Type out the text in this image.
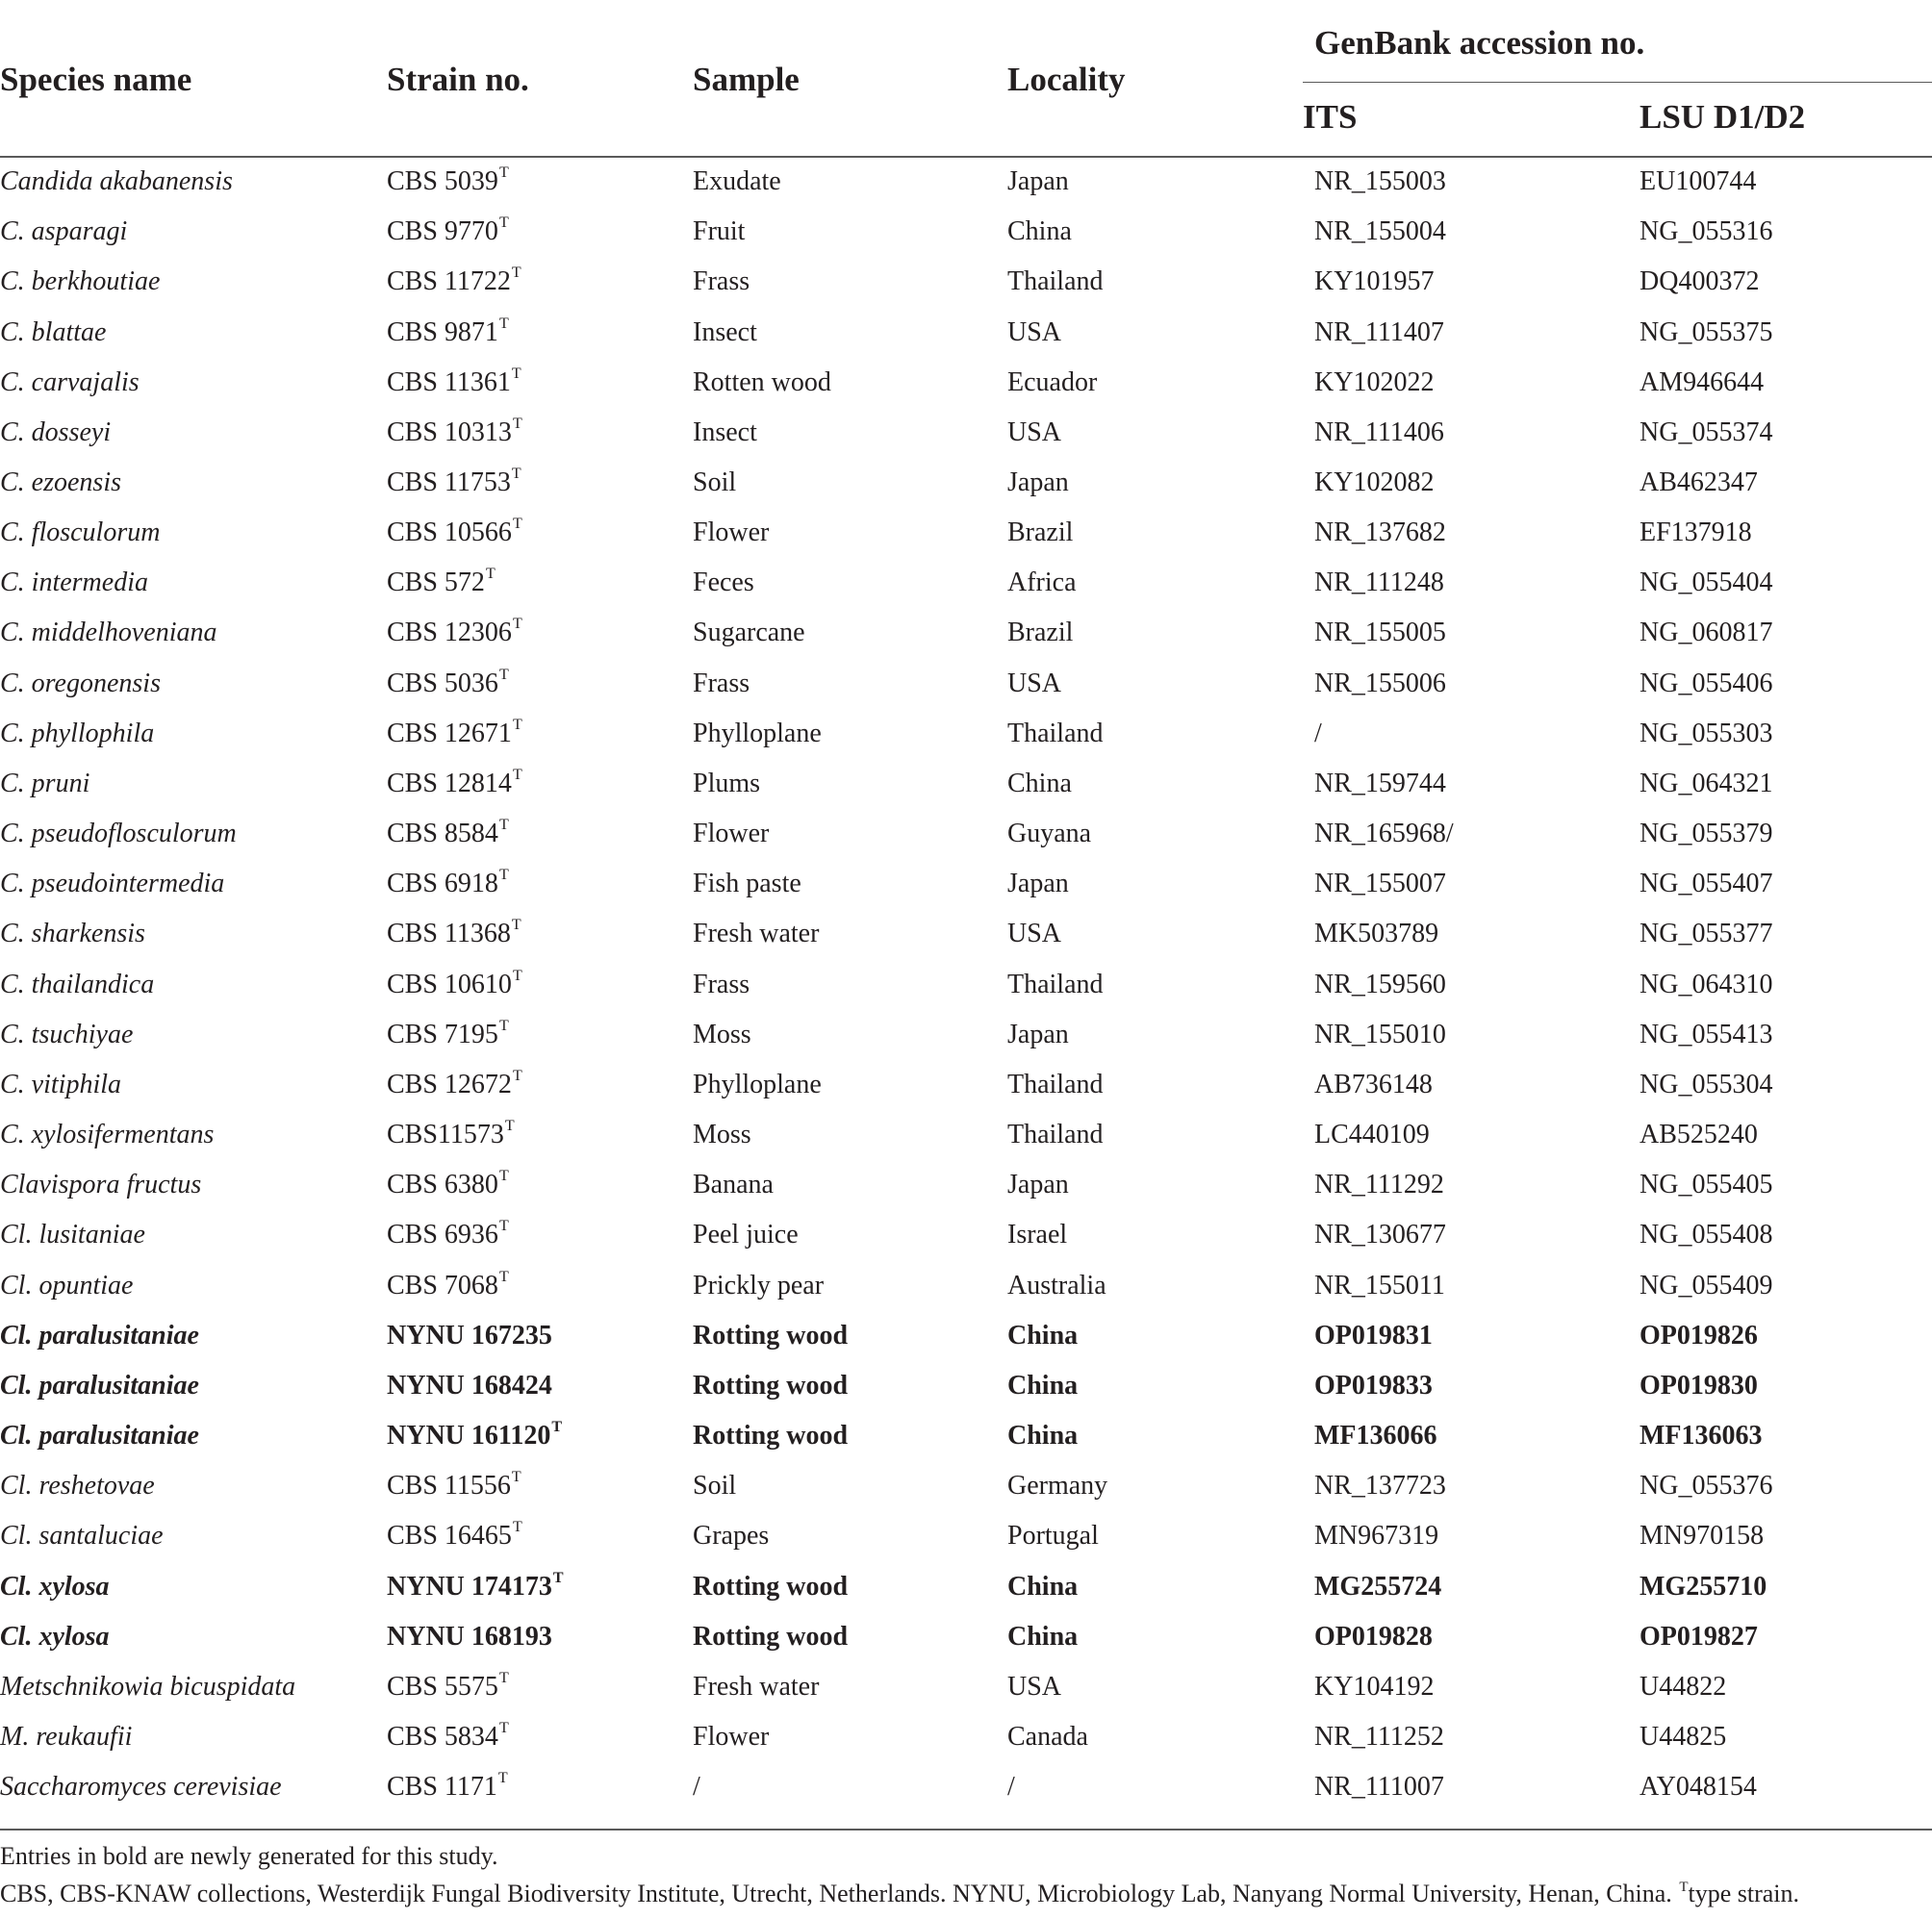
Species name	Strain no.	Sample	Locality
GenBank accession no.
ITS	LSU D1/D2
Candida akabanensis	CBS $5039^T$	Exudate	Japan	NR_155003	EU100744
C. asparagi	CBS $9770^T$	Fruit	China	NR_155004	NG_055316
C. berkhoutiae	CBS $11722^T$	Frass	Thailand	KY101957	DQ400372
C. blattae	CBS $9871^T$	Insect	USA	NR_111407	NG_055375
C. carvajalis	CBS $11361^T$	Rotten wood	Ecuador	KY102022	AM946644
C. dosseyi	CBS $10313^T$	Insect	USA	NR_111406	NG_055374
C. ezoensis	CBS $11753^T$	Soil	Japan	KY102082	AB462347
C. flosculorum	CBS $10566^T$	Flower	Brazil	NR_137682	EF137918
C. intermedia	CBS $572^T$	Feces	Africa	NR_111248	NG_055404
C. middelhoveniana	CBS $12306^T$	Sugarcane	Brazil	NR_155005	NG_060817
C. oregonensis	CBS $5036^T$	Frass	USA	NR_155006	NG_055406
C. phyllophila	CBS $12671^T$	Phylloplane	Thailand	/	NG_055303
C. pruni	CBS $12814^T$	Plums	China	NR_159744	NG_064321
C. pseudoflosculorum	CBS $8584^T$	Flower	Guyana	NR_165968/	NG_055379
C. pseudointermedia	CBS $6918^T$	Fish paste	Japan	NR_155007	NG_055407
C. sharkensis	CBS $11368^T$	Fresh water	USA	MK503789	NG_055377
C. thailandica	CBS $10610^T$	Frass	Thailand	NR_159560	NG_064310
C. tsuchiyae	CBS $7195^T$	Moss	Japan	NR_155010	NG_055413
C. vitiphila	CBS $12672^T$	Phylloplane	Thailand	AB736148	NG_055304
C. xylosifermentans	$CBS11573^T$	Moss	Thailand	LC440109	AB525240
Clavispora fructus	CBS $6380^T$	Banana	Japan	NR_111292	NG_055405
Cl. lusitaniae	CBS $6936^T$	Peel juice	Israel	NR_130677	NG_055408
Cl. opuntiae	CBS $7068^T$	Prickly pear	Australia	NR_155011	NG_055409
Cl. paralusitaniae	NYNU 167235	Rotting wood	China	OP019831	OP019826
Cl. paralusitaniae	NYNU 168424	Rotting wood	China	OP019833	OP019830
Cl. paralusitaniae	NYNU $161120^T$	Rotting wood	China	MF136066	MF136063
Cl. reshetovae	CBS $11556^T$	Soil	Germany	NR_137723	NG_055376
Cl. santaluciae	CBS $16465^T$	Grapes	Portugal	MN967319	MN970158
Cl. xylosa	NYNU $174173^T$	Rotting wood	China	MG255724	MG255710
Cl. xylosa	NYNU 168193	Rotting wood	China	OP019828	OP019827
Metschnikowia bicuspidata	CBS $5575^T$	Fresh water	USA	KY104192	U44822
M. reukaufii	CBS $5834^T$	Flower	Canada	NR_111252	U44825
Saccharomyces cerevisiae	CBS $1171^T$	/	/	NR_111007	AY048154
Entries in bold are newly generated for this study.
CBS, CBS-KNAW collections, Westerdijk Fungal Biodiversity Institute, Utrecht, Netherlands. NYNU, Microbiology Lab, Nanyang Normal University, Henan, China. $^T$type strain.
